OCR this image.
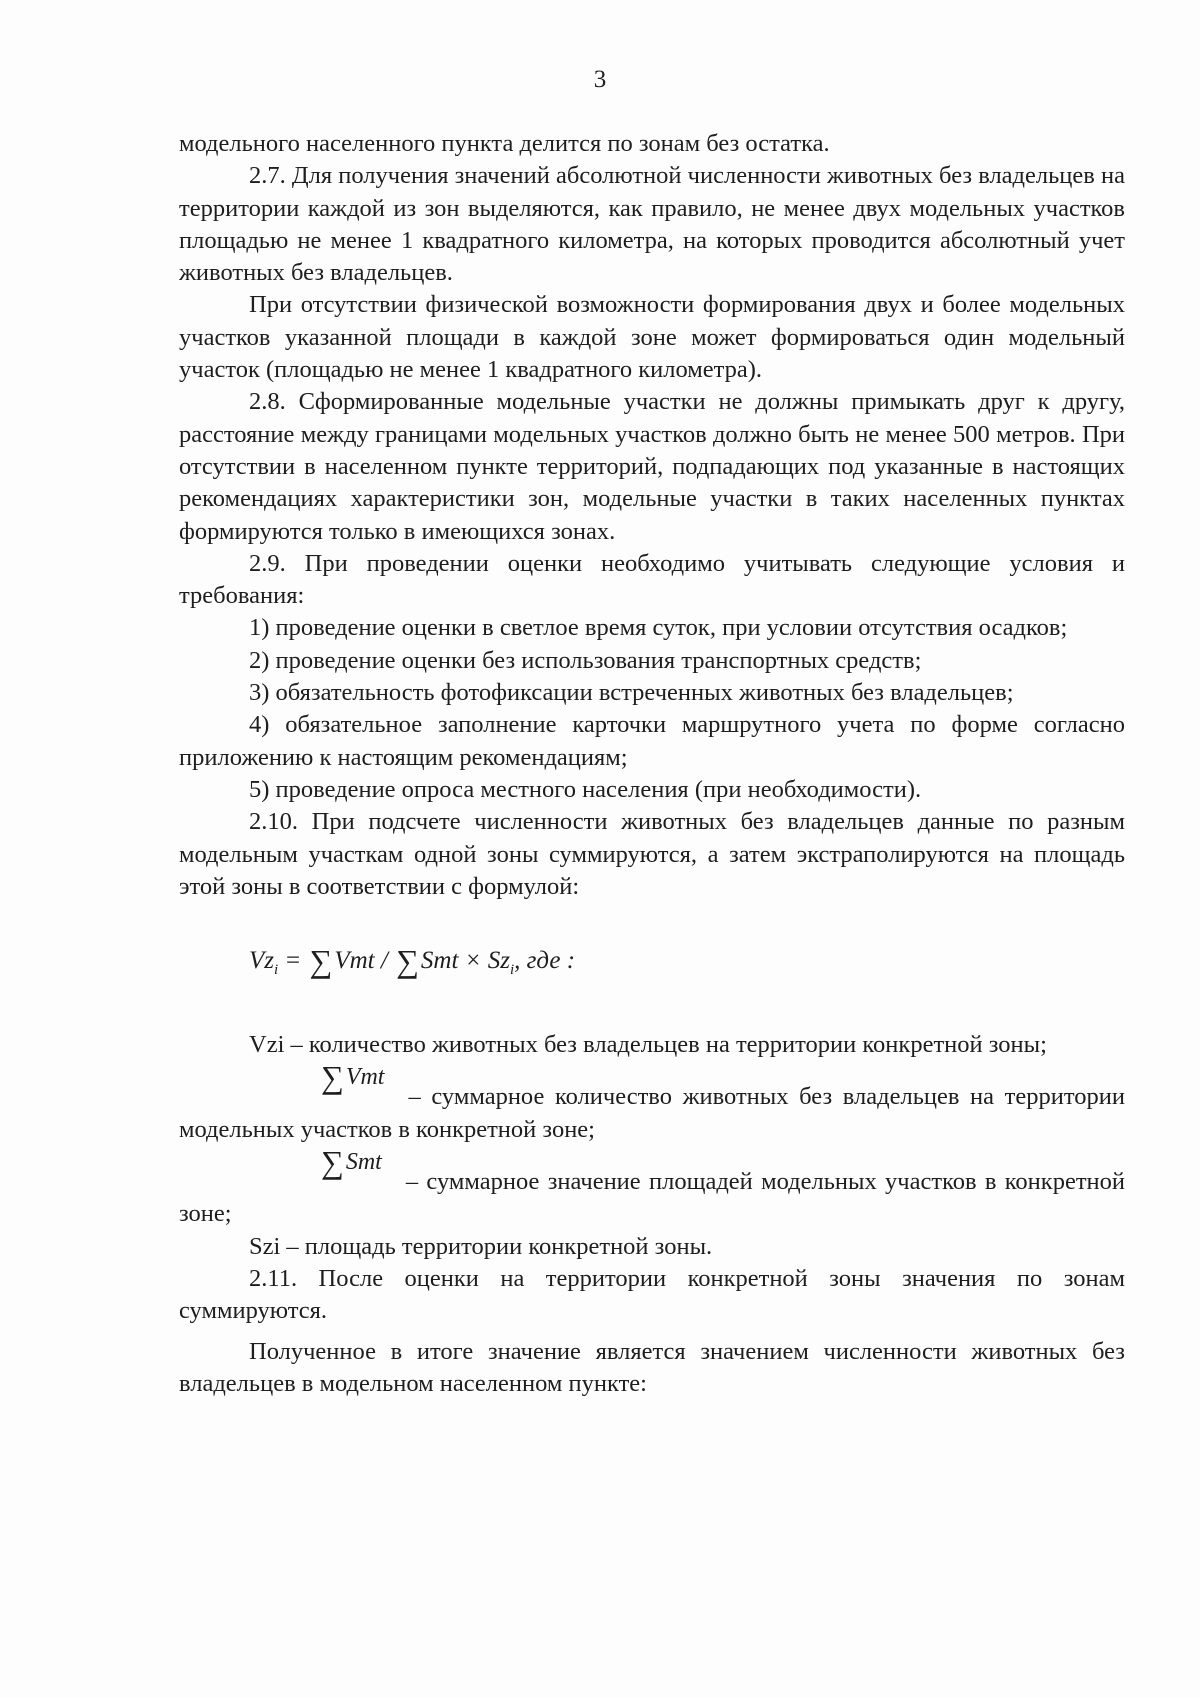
3

модельного населенного пункта делится по зонам без остатка.

2.7. Для получения значений абсолютной численности животных без владельцев на территории каждой из зон выделяются, как правило, не менее двух модельных участков площадью не менее 1 квадратного километра, на которых проводится абсолютный учет животных без владельцев.

При отсутствии физической возможности формирования двух и более модельных участков указанной площади в каждой зоне может формироваться один модельный участок (площадью не менее 1 квадратного километра).

2.8. Сформированные модельные участки не должны примыкать друг к другу, расстояние между границами модельных участков должно быть не менее 500 метров. При отсутствии в населенном пункте территорий, подпадающих под указанные в настоящих рекомендациях характеристики зон, модельные участки в таких населенных пунктах формируются только в имеющихся зонах.

2.9. При проведении оценки необходимо учитывать следующие условия и требования:

1) проведение оценки в светлое время суток, при условии отсутствия осадков;

2) проведение оценки без использования транспортных средств;

3) обязательность фотофиксации встреченных животных без владельцев;

4) обязательное заполнение карточки маршрутного учета по форме согласно приложению к настоящим рекомендациям;

5) проведение опроса местного населения (при необходимости).

2.10. При подсчете численности животных без владельцев данные по разным модельным участкам одной зоны суммируются, а затем экстраполируются на площадь этой зоны в соответствии с формулой:

$Vz_i = \sum Vmt / \sum Smt \times Sz_i$, где :

Vzi – количество животных без владельцев на территории конкретной зоны;

∑Vmt– суммарное количество животных без владельцев на территории модельных участков в конкретной зоне;

∑Smt– суммарное значение площадей модельных участков в конкретной зоне;

Szi – площадь территории конкретной зоны.

2.11. После оценки на территории конкретной зоны значения по зонам суммируются.

Полученное в итоге значение является значением численности животных без владельцев в модельном населенном пункте:
